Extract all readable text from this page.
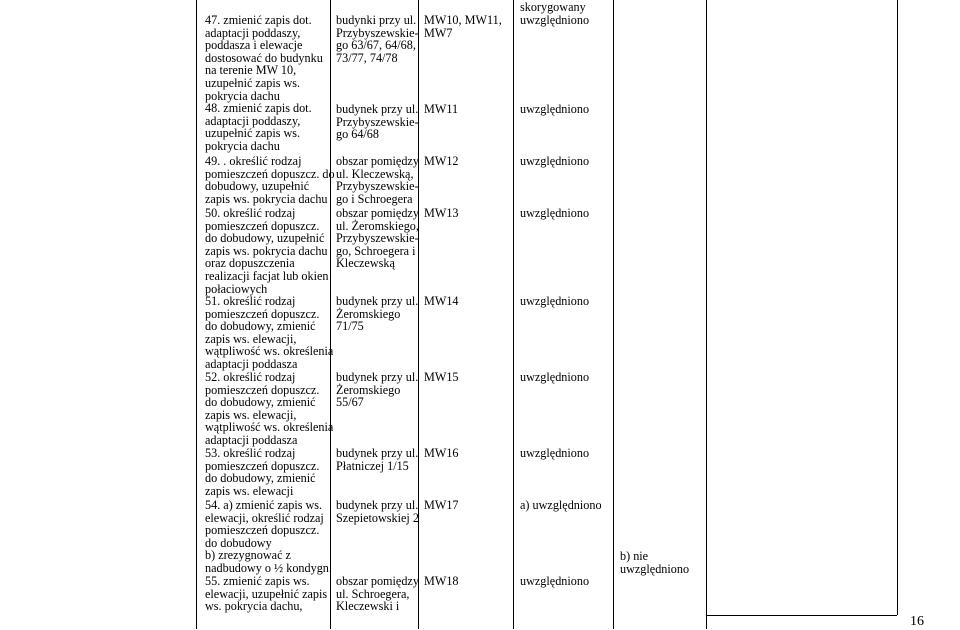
47. zmienić zapis dot.
adaptacji poddaszy,
poddasza i elewacje
dostosować do budynku
na terenie MW 10,
uzupełnić zapis ws.
pokrycia dachu
48. zmienić zapis dot.
adaptacji poddaszy,
uzupełnić zapis ws.
pokrycia dachu
49. . określić rodzaj
pomieszczeń dopuszcz. do
dobudowy, uzupełnić
zapis ws. pokrycia dachu
50. określić rodzaj
pomieszczeń dopuszcz.
do dobudowy, uzupełnić
zapis ws. pokrycia dachu
oraz dopuszczenia
realizacji facjat lub okien
połaciowych
51. określić rodzaj
pomieszczeń dopuszcz.
do dobudowy, zmienić
zapis ws. elewacji,
wątpliwość ws. określenia
adaptacji poddasza
52. określić rodzaj
pomieszczeń dopuszcz.
do dobudowy, zmienić
zapis ws. elewacji,
wątpliwość ws. określenia
adaptacji poddasza
53. określić rodzaj
pomieszczeń dopuszcz.
do dobudowy, zmienić
zapis ws. elewacji
54. a) zmienić zapis ws.
elewacji, określić rodzaj
pomieszczeń dopuszcz.
do dobudowy
b) zrezygnować z
nadbudowy o ½ kondygn.
55. zmienić zapis ws.
elewacji, uzupełnić zapis
ws. pokrycia dachu,
budynki przy ul.
Przybyszewskie-
go 63/67, 64/68,
73/77, 74/78
budynek przy ul.
Przybyszewskie-
go 64/68
obszar pomiędzy
ul. Kleczewską,
Przybyszewskie-
go i Schroegera
obszar pomiędzy
ul. Żeromskiego,
Przybyszewskie-
go, Schroegera i
Kleczewską
budynek przy ul.
Żeromskiego
71/75
budynek przy ul.
Żeromskiego
55/67
budynek przy ul.
Płatniczej 1/15
budynek przy ul.
Szepietowskiej 2
obszar pomiędzy
ul. Schroegera,
Kleczewski i
MW10, MW11,
MW7
MW11
MW12
MW13
MW14
MW15
MW16
MW17
MW18
skorygowany
uwzględniono
uwzględniono
uwzględniono
uwzględniono
uwzględniono
uwzględniono
uwzględniono
a) uwzględniono
uwzględniono
b) nie
uwzględniono
16
